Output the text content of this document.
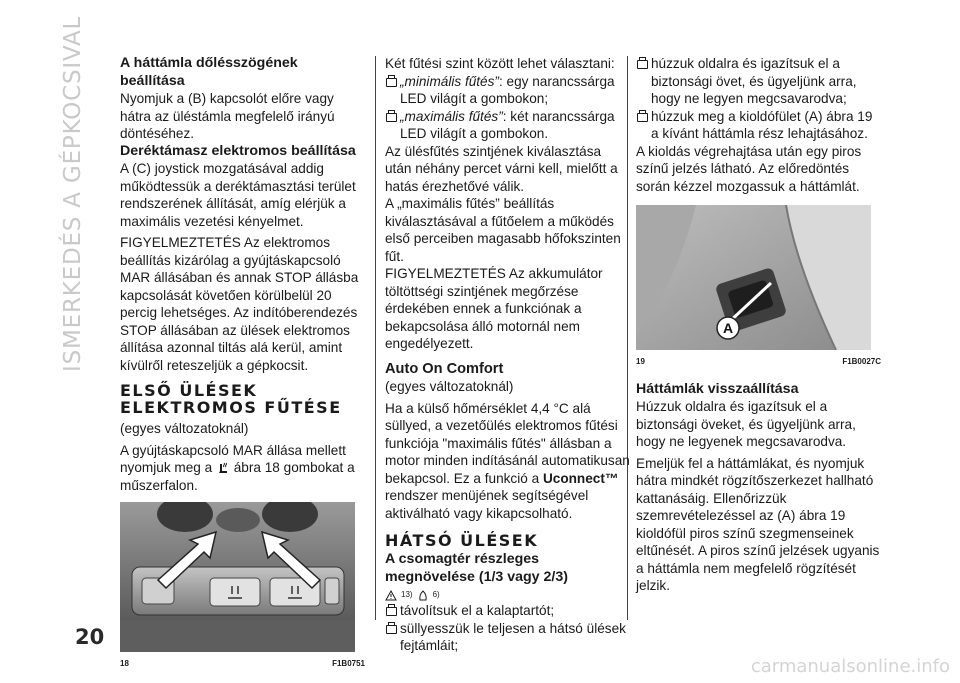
ISMERKEDÉS A GÉPKOCSIVAL A háttámla dőlésszögének beállítása

Nyomjuk a (B) kapcsolót előre vagy hátra az üléstámla megfelelő irányú döntéséhez.

Deréktámasz elektromos beállítása

A (C) joystick mozgatásával addig működtessük a deréktámasztási terület rendszerének állítását, amíg elérjük a maximális vezetési kényelmet.

FIGYELMEZTETÉS Az elektromos beállítás kizárólag a gyújtáskapcsoló MAR állásában és annak STOP állásba kapcsolását követően körülbelül 20 percig lehetséges. Az indítóberendezés STOP állásában az ülések elektromos állítása azonnal tiltás alá kerül, amint kívülről reteszeljük a gépkocsit.

ELSŐ ÜLÉSEK

ELEKTROMOS FŰTÉSE

(egyes változatoknál)

A gyújtáskapcsoló MAR állása mellett nyomjuk meg a ábra 18 gombokat a műszerfalon.

18	F1B0751

Két fűtési szint között lehet választani:

„minimális fűtés”: egy narancssárga LED világít a gombokon;

„maximális fűtés”: két narancssárga LED világít a gombokon.

Az ülésfűtés szintjének kiválasztása után néhány percet várni kell, mielőtt a hatás érezhetővé válik.

A „maximális fűtés” beállítás kiválasztásával a fűtőelem a működés első perceiben magasabb hőfokszinten fűt.

FIGYELMEZTETÉS Az akkumulátor töltöttségi szintjének megőrzése érdekében ennek a funkciónak a bekapcsolása álló motornál nem engedélyezett.

Auto On Comfort

(egyes változatoknál)

Ha a külső hőmérséklet 4,4 °C alá süllyed, a vezetőülés elektromos fűtési funkciója "maximális fűtés" állásban a motor minden indításánál automatikusan bekapcsol. Ez a funkció a Uconnect™ rendszer menüjének segítségével aktiválható vagy kikapcsolható.

HÁTSÓ ÜLÉSEK

A csomagtér részleges megnövelése (1/3 vagy 2/3)

13)	6)

távolítsuk el a kalaptartót;

süllyesszük le teljesen a hátsó ülések fejtámláit;

húzzuk oldalra és igazítsuk el a biztonsági övet, és ügyeljünk arra, hogy ne legyen megcsavarodva;

húzzuk meg a kioldófület (A) ábra 19 a kívánt háttámla rész lehajtásához.

A kioldás végrehajtása után egy piros színű jelzés látható. Az előredöntés során kézzel mozgassuk a háttámlát.

A
19	F1B0027C

Háttámlák visszaállítása

Húzzuk oldalra és igazítsuk el a biztonsági öveket, és ügyeljünk arra, hogy ne legyenek megcsavarodva.

Emeljük fel a háttámlákat, és nyomjuk hátra mindkét rögzítőszerkezet hallható kattanásáig. Ellenőrizzük szemrevételezéssel az (A) ábra 19 kioldófül piros színű szegmenseinek eltűnését. A piros színű jelzések ugyanis a háttámla nem megfelelő rögzítését jelzik.

20
carmanualsonline.info
